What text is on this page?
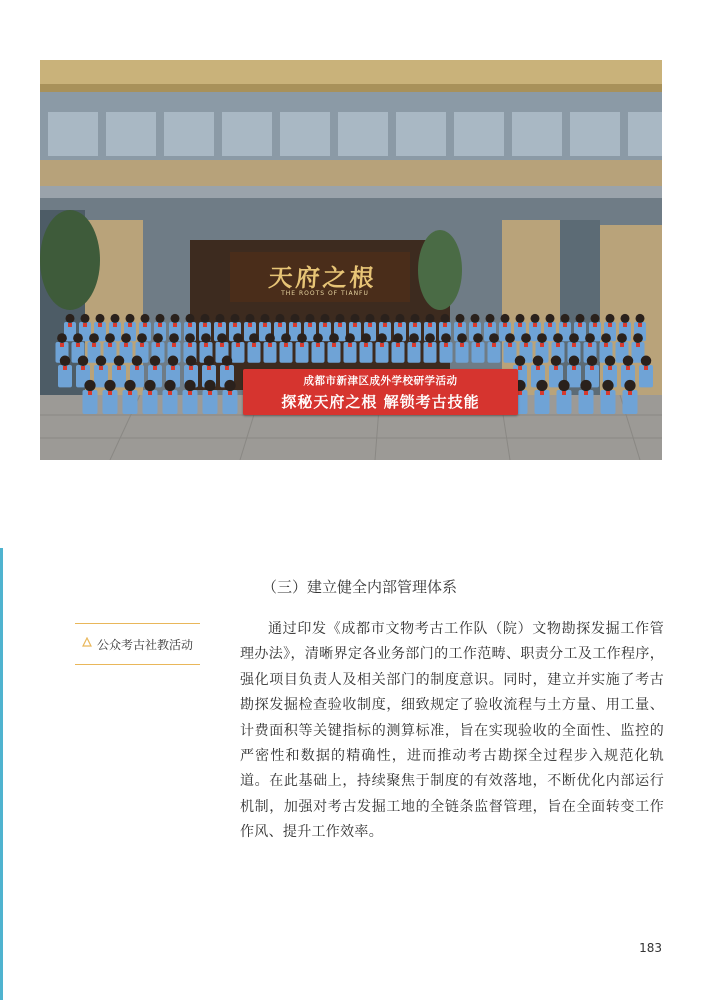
天府之根
THE ROOTS OF TIANFU
成都市新津区成外学校研学活动
探秘天府之根 解锁考古技能
公众考古社教活动
（三）建立健全内部管理体系

通过印发《成都市文物考古工作队（院）文物勘探发掘工作管理办法》，清晰界定各业务部门的工作范畴、职责分工及工作程序，强化项目负责人及相关部门的制度意识。同时，建立并实施了考古勘探发掘检查验收制度，细致规定了验收流程与土方量、用工量、计费面积等关键指标的测算标准，旨在实现验收的全面性、监控的严密性和数据的精确性，进而推动考古勘探全过程步入规范化轨道。在此基础上，持续聚焦于制度的有效落地，不断优化内部运行机制，加强对考古发掘工地的全链条监督管理，旨在全面转变工作作风、提升工作效率。

183
